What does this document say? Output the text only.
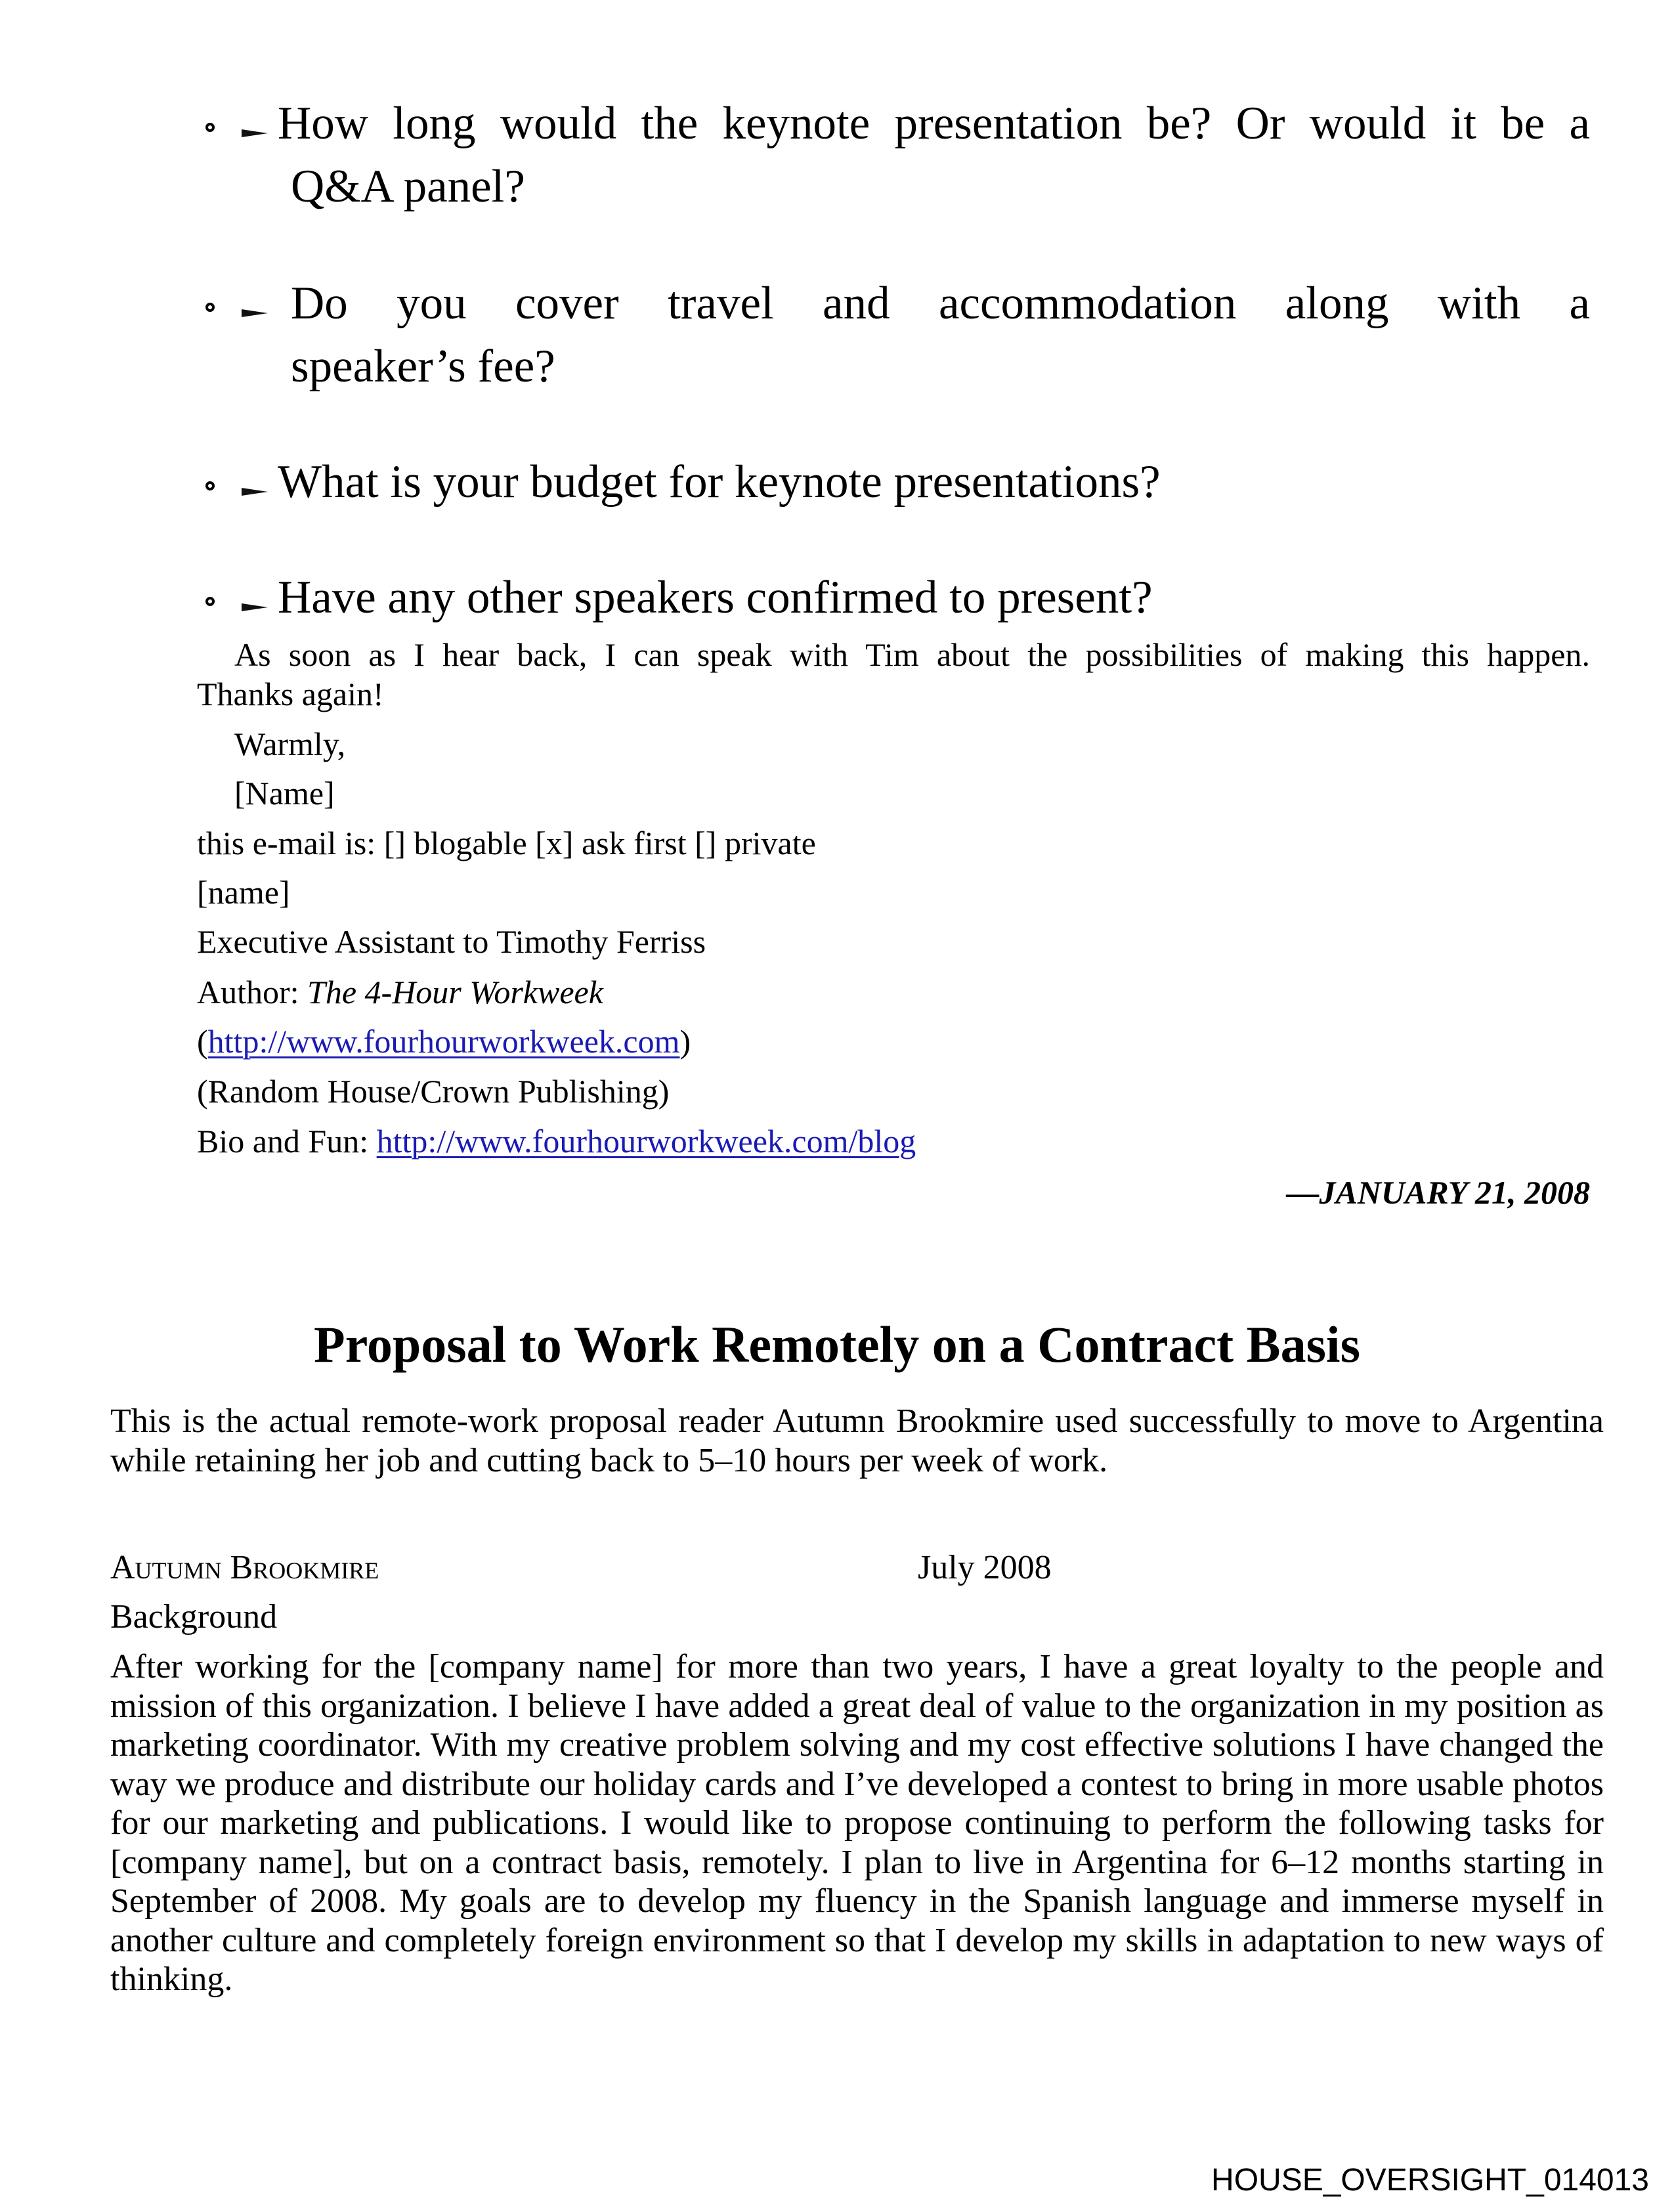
How long would the keynote presentation be? Or would it be a
Q&A panel?
Do you cover travel and accommodation along with a
speaker’s fee?
What is your budget for keynote presentations?
Have any other speakers confirmed to present?
As soon as I hear back, I can speak with Tim about the possibilities of making this happen.
Thanks again!
Warmly,
[Name]
this e-mail is: [] blogable [x] ask first [] private
[name]
Executive Assistant to Timothy Ferriss
Author: The 4-Hour Workweek
(http://www.fourhourworkweek.com)
(Random House/Crown Publishing)
Bio and Fun: http://www.fourhourworkweek.com/blog
—JANUARY 21, 2008
Proposal to Work Remotely on a Contract Basis
This is the actual remote-work proposal reader Autumn Brookmire used successfully to move to Argentina while retaining her job and cutting back to 5–10 hours per week of work.
Autumn Brookmire	July 2008
Background
After working for the [company name] for more than two years, I have a great loyalty to the people and mission of this organization. I believe I have added a great deal of value to the organization in my position as marketing coordinator. With my creative problem solving and my cost effective solutions I have changed the way we produce and distribute our holiday cards and I’ve developed a contest to bring in more usable photos for our marketing and publications. I would like to propose continuing to perform the following tasks for [company name], but on a contract basis, remotely. I plan to live in Argentina for 6–12 months starting in September of 2008. My goals are to develop my fluency in the Spanish language and immerse myself in another culture and completely foreign environment so that I develop my skills in adaptation to new ways of thinking.
HOUSE_OVERSIGHT_014013
